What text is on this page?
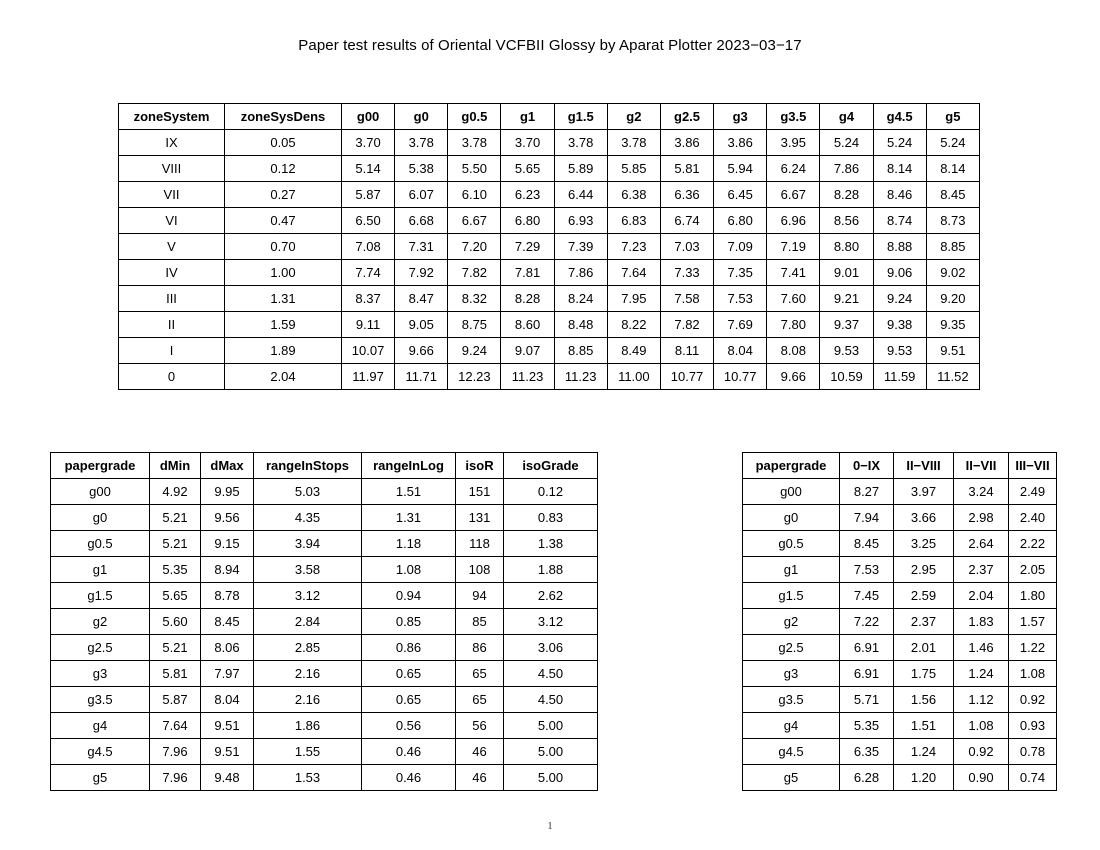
Paper test results of Oriental VCFBII Glossy by Aparat Plotter 2023−03−17
zoneSystem	zoneSysDens	g00	g0	g0.5	g1	g1.5	g2	g2.5	g3	g3.5	g4	g4.5	g5
IX	0.05	3.70	3.78	3.78	3.70	3.78	3.78	3.86	3.86	3.95	5.24	5.24	5.24
VIII	0.12	5.14	5.38	5.50	5.65	5.89	5.85	5.81	5.94	6.24	7.86	8.14	8.14
VII	0.27	5.87	6.07	6.10	6.23	6.44	6.38	6.36	6.45	6.67	8.28	8.46	8.45
VI	0.47	6.50	6.68	6.67	6.80	6.93	6.83	6.74	6.80	6.96	8.56	8.74	8.73
V	0.70	7.08	7.31	7.20	7.29	7.39	7.23	7.03	7.09	7.19	8.80	8.88	8.85
IV	1.00	7.74	7.92	7.82	7.81	7.86	7.64	7.33	7.35	7.41	9.01	9.06	9.02
III	1.31	8.37	8.47	8.32	8.28	8.24	7.95	7.58	7.53	7.60	9.21	9.24	9.20
II	1.59	9.11	9.05	8.75	8.60	8.48	8.22	7.82	7.69	7.80	9.37	9.38	9.35
I	1.89	10.07	9.66	9.24	9.07	8.85	8.49	8.11	8.04	8.08	9.53	9.53	9.51
0	2.04	11.97	11.71	12.23	11.23	11.23	11.00	10.77	10.77	9.66	10.59	11.59	11.52
papergrade	dMin	dMax	rangeInStops	rangeInLog	isoR	isoGrade
g00	4.92	9.95	5.03	1.51	151	0.12
g0	5.21	9.56	4.35	1.31	131	0.83
g0.5	5.21	9.15	3.94	1.18	118	1.38
g1	5.35	8.94	3.58	1.08	108	1.88
g1.5	5.65	8.78	3.12	0.94	94	2.62
g2	5.60	8.45	2.84	0.85	85	3.12
g2.5	5.21	8.06	2.85	0.86	86	3.06
g3	5.81	7.97	2.16	0.65	65	4.50
g3.5	5.87	8.04	2.16	0.65	65	4.50
g4	7.64	9.51	1.86	0.56	56	5.00
g4.5	7.96	9.51	1.55	0.46	46	5.00
g5	7.96	9.48	1.53	0.46	46	5.00
papergrade	0−IX	II−VIII	II−VII	III−VII
g00	8.27	3.97	3.24	2.49
g0	7.94	3.66	2.98	2.40
g0.5	8.45	3.25	2.64	2.22
g1	7.53	2.95	2.37	2.05
g1.5	7.45	2.59	2.04	1.80
g2	7.22	2.37	1.83	1.57
g2.5	6.91	2.01	1.46	1.22
g3	6.91	1.75	1.24	1.08
g3.5	5.71	1.56	1.12	0.92
g4	5.35	1.51	1.08	0.93
g4.5	6.35	1.24	0.92	0.78
g5	6.28	1.20	0.90	0.74
1
